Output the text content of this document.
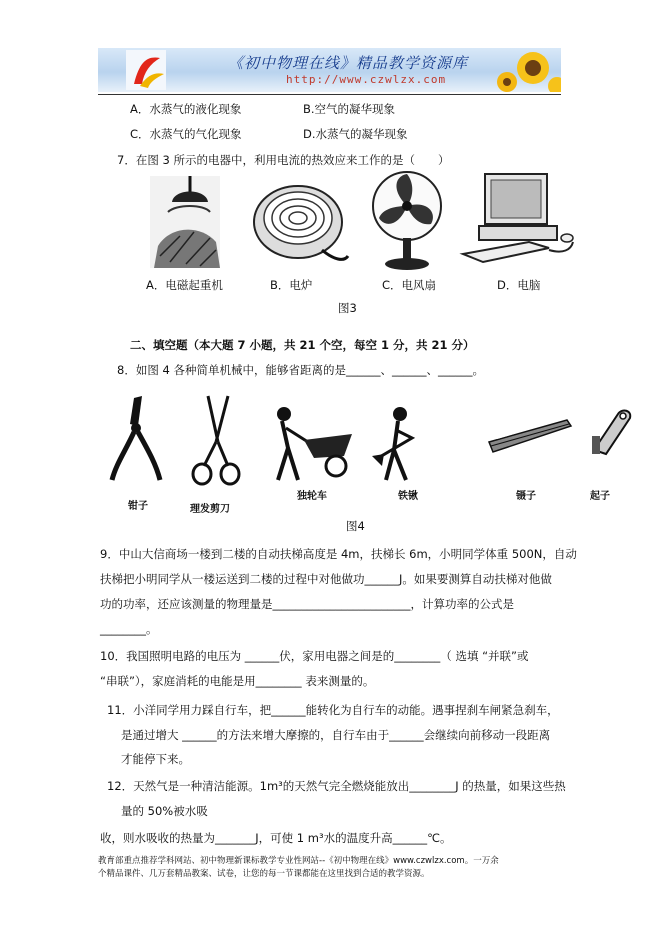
《初中物理在线》精品教学资源库
http://www.czwlzx.com
A．水蒸气的液化现象	B.空气的凝华现象
C．水蒸气的气化现象	D.水蒸气的凝华现象
7．在图 3 所示的电器中，利用电流的热效应来工作的是（　　）
A．电磁起重机	B．电炉	C．电风扇	D．电脑
图3
二、填空题（本大题 7 小题，共 21 个空，每空 1 分，共 21 分）
8．如图 4 各种简单机械中，能够省距离的是______、______、______。
钳子	理发剪刀
独轮车	铁锹	镊子	起子
图4
9．中山大信商场一楼到二楼的自动扶梯高度是 4m，扶梯长 6m，小明同学体重 500N，自动
扶梯把小明同学从一楼运送到二楼的过程中对他做功______J。如果要测算自动扶梯对他做
功的功率，还应该测量的物理量是________________________，计算功率的公式是
________。
10．我国照明电路的电压为 ______伏，家用电器之间是的________（ 选填 “并联”或
“串联”），家庭消耗的电能是用________ 表来测量的。
11．小洋同学用力踩自行车，把______能转化为自行车的动能。遇事捏刹车闸紧急刹车，
是通过增大 ______的方法来增大摩擦的，自行车由于______会继续向前移动一段距离
才能停下来。
12．天然气是一种清洁能源。1m³的天然气完全燃烧能放出________J 的热量，如果这些热
量的 50%被水吸
收，则水吸收的热量为_______J，可使 1 m³水的温度升高______℃。
教育部重点推荐学科网站、初中物理新课标教学专业性网站--《初中物理在线》www.czwlzx.com。一万余
个精品课件、几万套精品教案、试卷，让您的每一节课都能在这里找到合适的教学资源。
